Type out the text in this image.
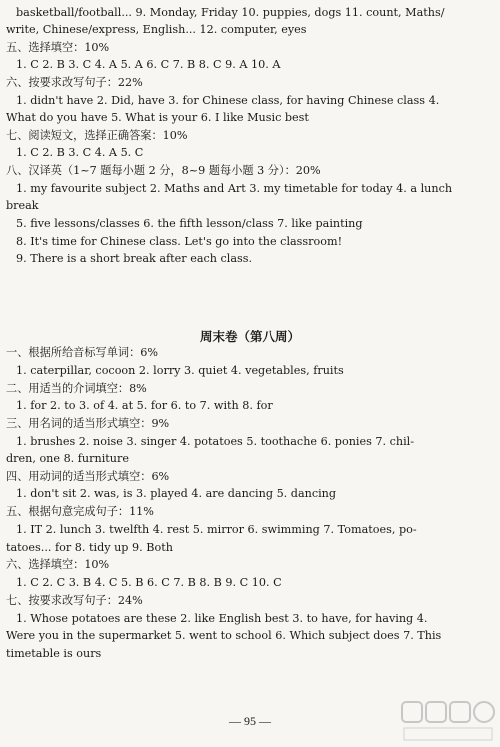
basketball/football... 9. Monday, Friday 10. puppies, dogs 11. count, Maths/
write, Chinese/express, English... 12. computer, eyes
五、选择填空：10%
1. C 2. B 3. C 4. A 5. A 6. C 7. B 8. C 9. A 10. A
六、按要求改写句子：22%
1. didn't have 2. Did, have 3. for Chinese class, for having Chinese class 4.
What do you have 5. What is your 6. I like Music best
七、阅读短文，选择正确答案：10%
1. C 2. B 3. C 4. A 5. C
八、汉译英（1~7 题每小题 2 分，8~9 题每小题 3 分）：20%
1. my favourite subject 2. Maths and Art 3. my timetable for today 4. a lunch
break
5. five lessons/classes 6. the fifth lesson/class 7. like painting
8. It's time for Chinese class. Let's go into the classroom!
9. There is a short break after each class.
一、根据所给音标写单词：6%
1. caterpillar, cocoon 2. lorry 3. quiet 4. vegetables, fruits
二、用适当的介词填空：8%
1. for 2. to 3. of 4. at 5. for 6. to 7. with 8. for
三、用名词的适当形式填空：9%
1. brushes 2. noise 3. singer 4. potatoes 5. toothache 6. ponies 7. chil-
dren, one 8. furniture
四、用动词的适当形式填空：6%
1. don't sit 2. was, is 3. played 4. are dancing 5. dancing
五、根据句意完成句子：11%
1. IT 2. lunch 3. twelfth 4. rest 5. mirror 6. swimming 7. Tomatoes, po-
tatoes... for 8. tidy up 9. Both
六、选择填空：10%
1. C 2. C 3. B 4. C 5. B 6. C 7. B 8. B 9. C 10. C
七、按要求改写句子：24%
1. Whose potatoes are these 2. like English best 3. to have, for having 4.
Were you in the supermarket 5. went to school 6. Which subject does 7. This
timetable is ours
周末卷（第八周）
— 95 —
